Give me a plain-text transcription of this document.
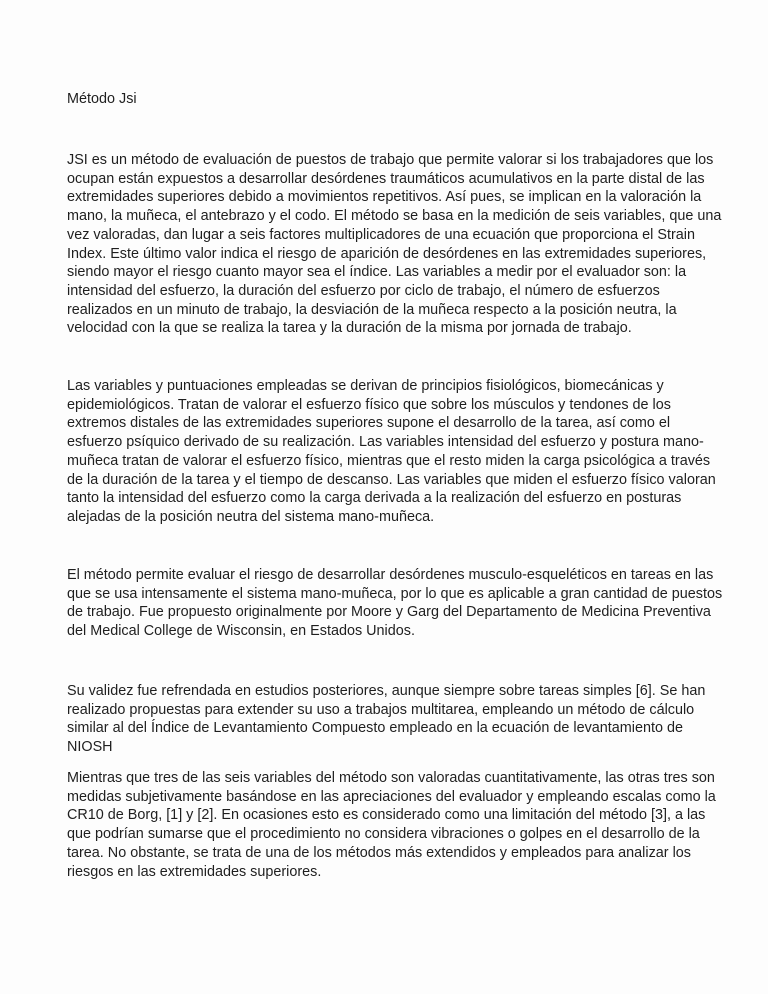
Método Jsi

JSI es un método de evaluación de puestos de trabajo que permite valorar si los trabajadores que los
ocupan están expuestos a desarrollar desórdenes traumáticos acumulativos en la parte distal de las
extremidades superiores debido a movimientos repetitivos. Así pues, se implican en la valoración la
mano, la muñeca, el antebrazo y el codo. El método se basa en la medición de seis variables, que una
vez valoradas, dan lugar a seis factores multiplicadores de una ecuación que proporciona el Strain
Index. Este último valor indica el riesgo de aparición de desórdenes en las extremidades superiores,
siendo mayor el riesgo cuanto mayor sea el índice. Las variables a medir por el evaluador son: la
intensidad del esfuerzo, la duración del esfuerzo por ciclo de trabajo, el número de esfuerzos
realizados en un minuto de trabajo, la desviación de la muñeca respecto a la posición neutra, la
velocidad con la que se realiza la tarea y la duración de la misma por jornada de trabajo.

Las variables y puntuaciones empleadas se derivan de principios fisiológicos, biomecánicas y
epidemiológicos. Tratan de valorar el esfuerzo físico que sobre los músculos y tendones de los
extremos distales de las extremidades superiores supone el desarrollo de la tarea, así como el
esfuerzo psíquico derivado de su realización. Las variables intensidad del esfuerzo y postura mano-
muñeca tratan de valorar el esfuerzo físico, mientras que el resto miden la carga psicológica a través
de la duración de la tarea y el tiempo de descanso. Las variables que miden el esfuerzo físico valoran
tanto la intensidad del esfuerzo como la carga derivada a la realización del esfuerzo en posturas
alejadas de la posición neutra del sistema mano-muñeca.

El método permite evaluar el riesgo de desarrollar desórdenes musculo-esqueléticos en tareas en las
que se usa intensamente el sistema mano-muñeca, por lo que es aplicable a gran cantidad de puestos
de trabajo. Fue propuesto originalmente por Moore y Garg del Departamento de Medicina Preventiva
del Medical College de Wisconsin, en Estados Unidos.

Su validez fue refrendada en estudios posteriores, aunque siempre sobre tareas simples [6]. Se han
realizado propuestas para extender su uso a trabajos multitarea, empleando un método de cálculo
similar al del Índice de Levantamiento Compuesto empleado en la ecuación de levantamiento de
NIOSH

Mientras que tres de las seis variables del método son valoradas cuantitativamente, las otras tres son
medidas subjetivamente basándose en las apreciaciones del evaluador y empleando escalas como la
CR10 de Borg, [1] y [2]. En ocasiones esto es considerado como una limitación del método [3], a las
que podrían sumarse que el procedimiento no considera vibraciones o golpes en el desarrollo de la
tarea. No obstante, se trata de una de los métodos más extendidos y empleados para analizar los
riesgos en las extremidades superiores.
